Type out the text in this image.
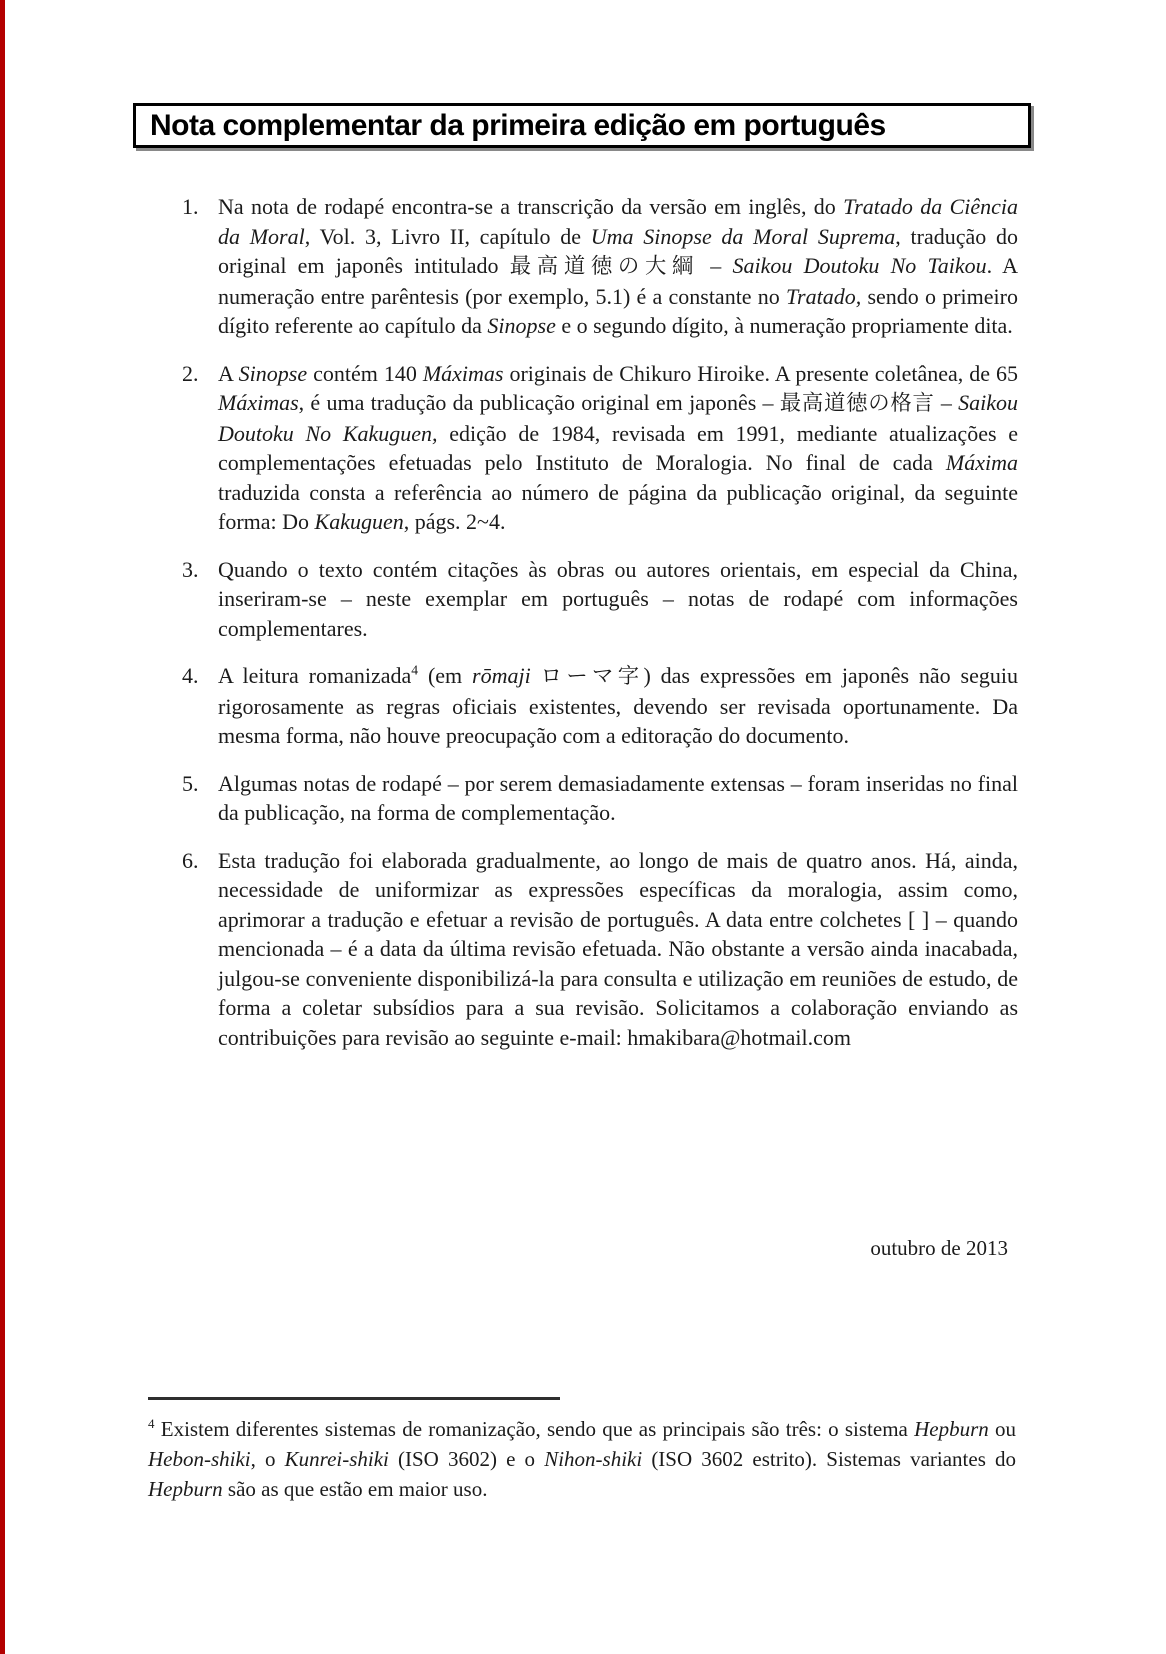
Nota complementar da primeira edição em português
1. Na nota de rodapé encontra-se a transcrição da versão em inglês, do Tratado da Ciência da Moral, Vol. 3, Livro II, capítulo de Uma Sinopse da Moral Suprema, tradução do original em japonês intitulado 最高道徳の大綱 – Saikou Doutoku No Taikou. A numeração entre parêntesis (por exemplo, 5.1) é a constante no Tratado, sendo o primeiro dígito referente ao capítulo da Sinopse e o segundo dígito, à numeração propriamente dita.
2. A Sinopse contém 140 Máximas originais de Chikuro Hiroike. A presente coletânea, de 65 Máximas, é uma tradução da publicação original em japonês – 最高道徳の格言 – Saikou Doutoku No Kakuguen, edição de 1984, revisada em 1991, mediante atualizações e complementações efetuadas pelo Instituto de Moralogia. No final de cada Máxima traduzida consta a referência ao número de página da publicação original, da seguinte forma: Do Kakuguen, págs. 2~4.
3. Quando o texto contém citações às obras ou autores orientais, em especial da China, inseriram-se – neste exemplar em português – notas de rodapé com informações complementares.
4. A leitura romanizada$^4$ (em rōmaji ローマ字) das expressões em japonês não seguiu rigorosamente as regras oficiais existentes, devendo ser revisada oportunamente. Da mesma forma, não houve preocupação com a editoração do documento.
5. Algumas notas de rodapé – por serem demasiadamente extensas – foram inseridas no final da publicação, na forma de complementação.
6. Esta tradução foi elaborada gradualmente, ao longo de mais de quatro anos. Há, ainda, necessidade de uniformizar as expressões específicas da moralogia, assim como, aprimorar a tradução e efetuar a revisão de português. A data entre colchetes [ ] – quando mencionada – é a data da última revisão efetuada. Não obstante a versão ainda inacabada, julgou-se conveniente disponibilizá-la para consulta e utilização em reuniões de estudo, de forma a coletar subsídios para a sua revisão. Solicitamos a colaboração enviando as contribuições para revisão ao seguinte e-mail: hmakibara@hotmail.com
outubro de 2013
$^4$ Existem diferentes sistemas de romanização, sendo que as principais são três: o sistema Hepburn ou Hebon-shiki, o Kunrei-shiki (ISO 3602) e o Nihon-shiki (ISO 3602 estrito). Sistemas variantes do Hepburn são as que estão em maior uso.
